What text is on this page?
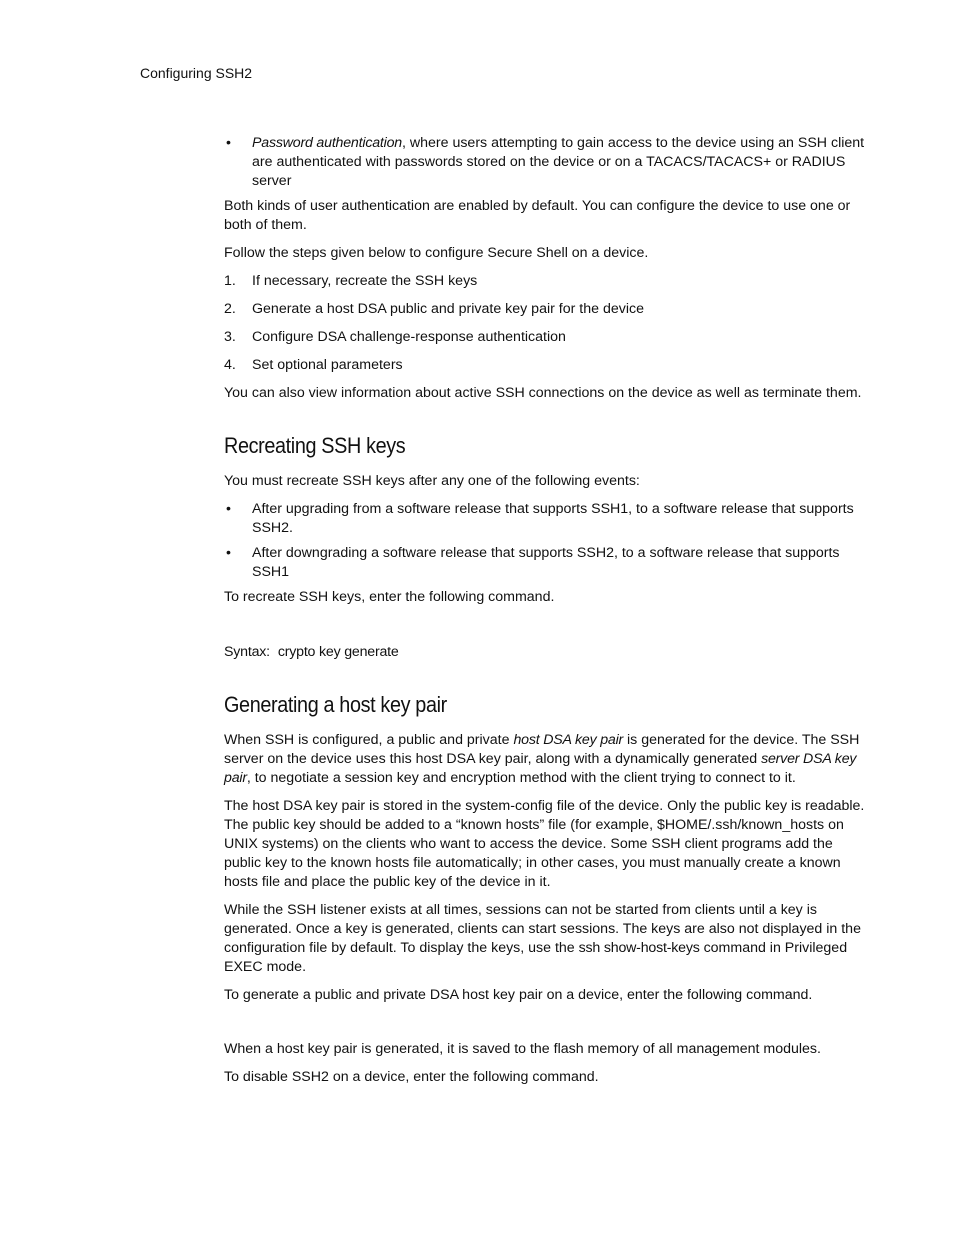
Configuring SSH2
• Password authentication, where users attempting to gain access to the device using an SSH client are authenticated with passwords stored on the device or on a TACACS/TACACS+ or RADIUS server

Both kinds of user authentication are enabled by default. You can configure the device to use one or both of them.

Follow the steps given below to configure Secure Shell on a device.

1. If necessary, recreate the SSH keys
2. Generate a host DSA public and private key pair for the device
3. Configure DSA challenge-response authentication
4. Set optional parameters

You can also view information about active SSH connections on the device as well as terminate them.

Recreating SSH keys

You must recreate SSH keys after any one of the following events:

• After upgrading from a software release that supports SSH1, to a software release that supports SSH2.
• After downgrading a software release that supports SSH2, to a software release that supports SSH1

To recreate SSH keys, enter the following command.

Syntax: crypto key generate
Generating a host key pair

When SSH is configured, a public and private host DSA key pair is generated for the device. The SSH server on the device uses this host DSA key pair, along with a dynamically generated server DSA key pair, to negotiate a session key and encryption method with the client trying to connect to it.

The host DSA key pair is stored in the system-config file of the device. Only the public key is readable. The public key should be added to a “known hosts” file (for example, $HOME/.ssh/known_hosts on UNIX systems) on the clients who want to access the device. Some SSH client programs add the public key to the known hosts file automatically; in other cases, you must manually create a known hosts file and place the public key of the device in it.

While the SSH listener exists at all times, sessions can not be started from clients until a key is generated. Once a key is generated, clients can start sessions. The keys are also not displayed in the configuration file by default. To display the keys, use the ssh show-host-keys command in Privileged EXEC mode.

To generate a public and private DSA host key pair on a device, enter the following command.

When a host key pair is generated, it is saved to the flash memory of all management modules.

To disable SSH2 on a device, enter the following command.
